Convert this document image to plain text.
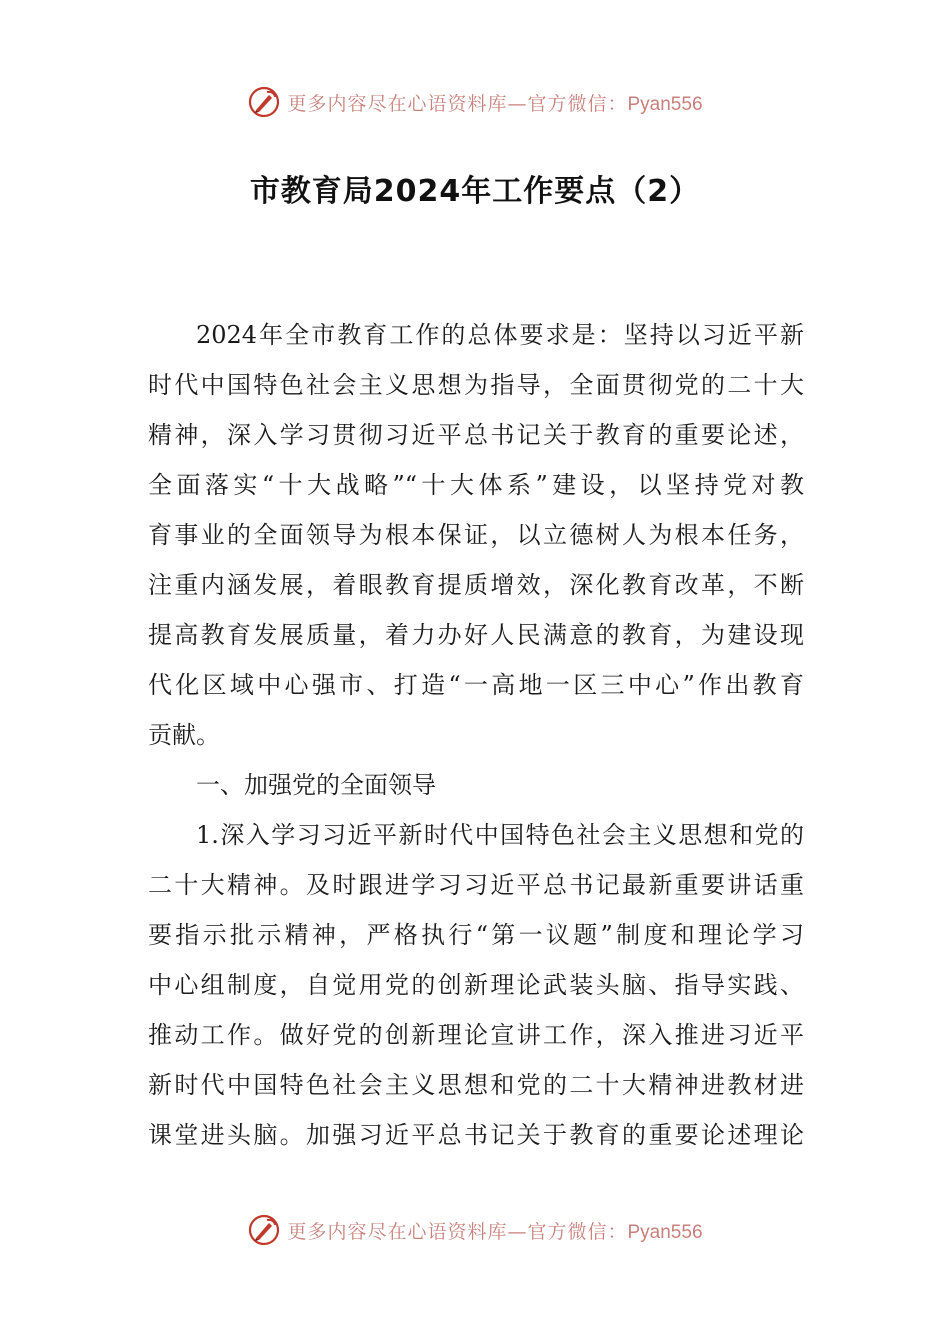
更多内容尽在心语资料库—官方微信：Pyan556
市教育局2024年工作要点（2）
2024年全市教育工作的总体要求是：坚持以习近平新
时代中国特色社会主义思想为指导，全面贯彻党的二十大
精神，深入学习贯彻习近平总书记关于教育的重要论述，
全面落实“十大战略”“十大体系”建设，以坚持党对教
育事业的全面领导为根本保证，以立德树人为根本任务，
注重内涵发展，着眼教育提质增效，深化教育改革，不断
提高教育发展质量，着力办好人民满意的教育，为建设现
代化区域中心强市、打造“一高地一区三中心”作出教育
贡献。
一、加强党的全面领导
1.深入学习习近平新时代中国特色社会主义思想和党的
二十大精神。及时跟进学习习近平总书记最新重要讲话重
要指示批示精神，严格执行“第一议题”制度和理论学习
中心组制度，自觉用党的创新理论武装头脑、指导实践、
推动工作。做好党的创新理论宣讲工作，深入推进习近平
新时代中国特色社会主义思想和党的二十大精神进教材进
课堂进头脑。加强习近平总书记关于教育的重要论述理论
更多内容尽在心语资料库—官方微信：Pyan556
